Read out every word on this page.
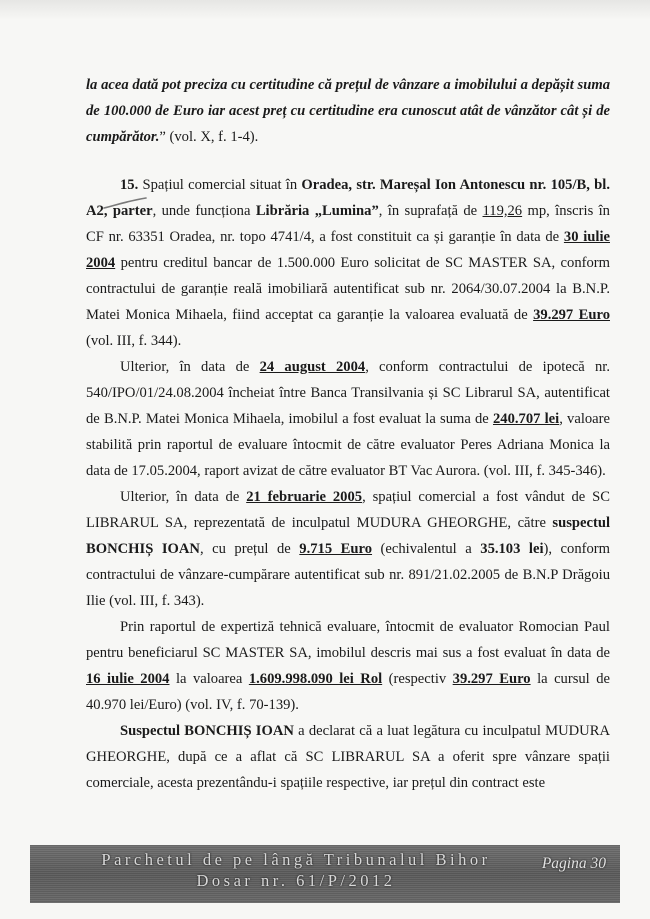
la acea dată pot preciza cu certitudine că prețul de vânzare a imobilului a depășit suma de 100.000 de Euro iar acest preț cu certitudine era cunoscut atât de vânzător cât și de cumpărător.” (vol. X, f. 1-4).

15. Spațiul comercial situat în Oradea, str. Mareșal Ion Antonescu nr. 105/B, bl. A2, parter, unde funcționa Librăria „Lumina”, în suprafață de 119,26 mp, înscris în CF nr. 63351 Oradea, nr. topo 4741/4, a fost constituit ca și garanție în data de 30 iulie 2004 pentru creditul bancar de 1.500.000 Euro solicitat de SC MASTER SA, conform contractului de garanție reală imobiliară autentificat sub nr. 2064/30.07.2004 la B.N.P. Matei Monica Mihaela, fiind acceptat ca garanție la valoarea evaluată de 39.297 Euro (vol. III, f. 344).

Ulterior, în data de 24 august 2004, conform contractului de ipotecă nr. 540/IPO/01/24.08.2004 încheiat între Banca Transilvania și SC Librarul SA, autentificat de B.N.P. Matei Monica Mihaela, imobilul a fost evaluat la suma de 240.707 lei, valoare stabilită prin raportul de evaluare întocmit de către evaluator Peres Adriana Monica la data de 17.05.2004, raport avizat de către evaluator BT Vac Aurora. (vol. III, f. 345-346).

Ulterior, în data de 21 februarie 2005, spațiul comercial a fost vândut de SC LIBRARUL SA, reprezentată de inculpatul MUDURA GHEORGHE, către suspectul BONCHIȘ IOAN, cu prețul de 9.715 Euro (echivalentul a 35.103 lei), conform contractului de vânzare-cumpărare autentificat sub nr. 891/21.02.2005 de B.N.P Drăgoiu Ilie (vol. III, f. 343).

Prin raportul de expertiză tehnică evaluare, întocmit de evaluator Romocian Paul pentru beneficiarul SC MASTER SA, imobilul descris mai sus a fost evaluat în data de 16 iulie 2004 la valoarea 1.609.998.090 lei Rol (respectiv 39.297 Euro la cursul de 40.970 lei/Euro) (vol. IV, f. 70-139).

Suspectul BONCHIȘ IOAN a declarat că a luat legătura cu inculpatul MUDURA GHEORGHE, după ce a aflat că SC LIBRARUL SA a oferit spre vânzare spații comerciale, acesta prezentându-i spațiile respective, iar prețul din contract este

Parchetul de pe lângă Tribunalul Bihor
Dosar nr. 61/P/2012
Pagina 30
